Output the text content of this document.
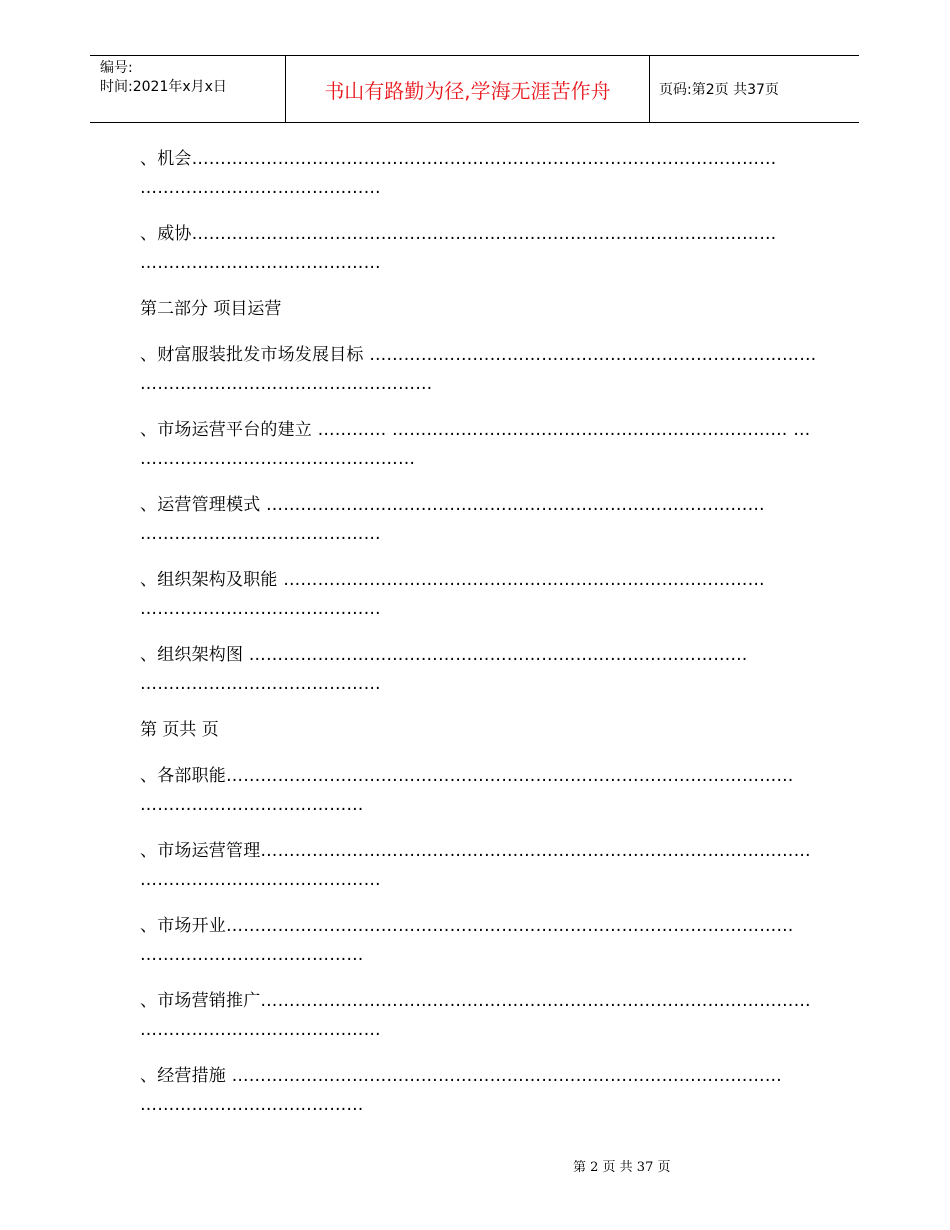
编号:
时间:2021年x月x日	书山有路勤为径,学海无涯苦作舟	页码:第2页 共37页
、机会…………………………………………………………………………………………
……………………………………
、威协…………………………………………………………………………………………
……………………………………
第二部分 项目运营
、财富服装批发市场发展目标 ……………………………………………………………………
……………………………………………
、市场运营平台的建立 ………… …………………………………………………………… …
…………………………………………
、运营管理模式 ……………………………………………………………………………
……………………………………
、组织架构及职能 …………………………………………………………………………
……………………………………
、组织架构图 ……………………………………………………………………………
……………………………………
第 页共 页
、各部职能………………………………………………………………………………………
…………………………………
、市场运营管理……………………………………………………………………………………
……………………………………
、市场开业………………………………………………………………………………………
…………………………………
、市场营销推广……………………………………………………………………………………
……………………………………
、经营措施 ……………………………………………………………………………………
…………………………………
第 2 页 共 37 页
